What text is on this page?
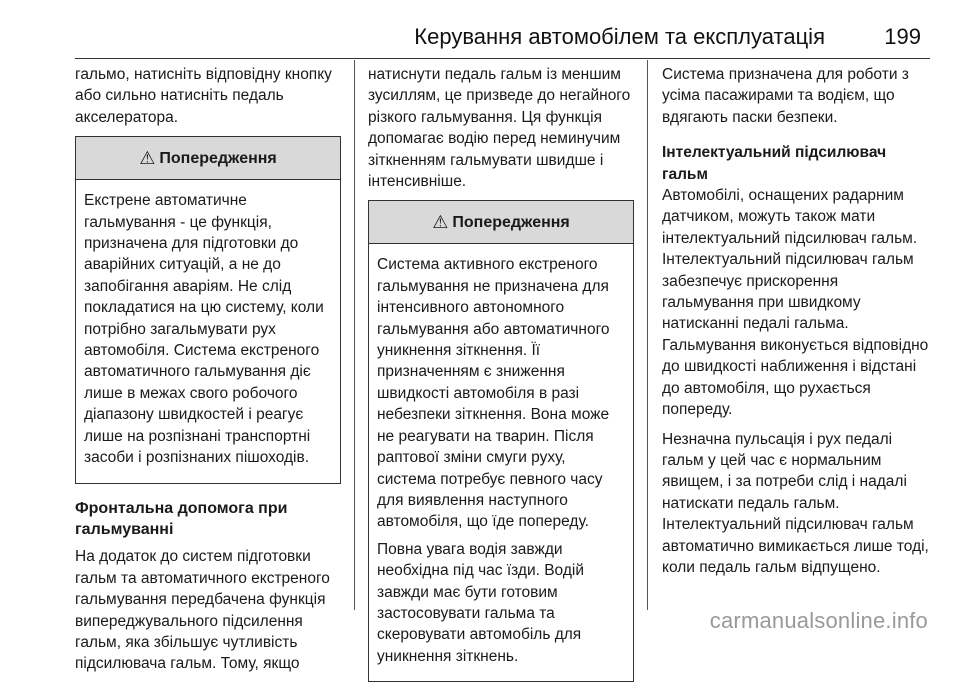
Керування автомобілем та експлуатація	199

гальмо, натисніть відповідну кнопку або сильно натисніть педаль акселератора.

⚠ Попередження

Екстрене автоматичне гальмування - це функція, призначена для підготовки до аварійних ситуацій, а не до запобігання аваріям. Не слід покладатися на цю систему, коли потрібно загальмувати рух автомобіля. Система екстреного автоматичного гальмування діє лише в межах свого робочого діапазону швидкостей і реагує лише на розпізнані транспортні засоби і розпізнаних пішоходів.

Фронтальна допомога при гальмуванні

На додаток до систем підготовки гальм та автоматичного екстреного гальмування передбачена функція випереджувального підсилення гальм, яка збільшує чутливість підсилювача гальм. Тому, якщо

натиснути педаль гальм із меншим зусиллям, це призведе до негайного різкого гальмування. Ця функція допомагає водію перед неминучим зіткненням гальмувати швидше і інтенсивніше.

⚠ Попередження

Система активного екстреного гальмування не призначена для інтенсивного автономного гальмування або автоматичного уникнення зіткнення. Її призначенням є зниження швидкості автомобіля в разі небезпеки зіткнення. Вона може не реагувати на тварин. Після раптової зміни смуги руху, система потребує певного часу для виявлення наступного автомобіля, що їде попереду.

Повна увага водія завжди необхідна під час їзди. Водій завжди має бути готовим застосовувати гальма та скеровувати автомобіль для уникнення зіткнень.

Система призначена для роботи з усіма пасажирами та водієм, що вдягають паски безпеки.

Інтелектуальний підсилювач гальм

Автомобілі, оснащених радарним датчиком, можуть також мати інтелектуальний підсилювач гальм. Інтелектуальний підсилювач гальм забезпечує прискорення гальмування при швидкому натисканні педалі гальма. Гальмування виконується відповідно до швидкості наближення і відстані до автомобіля, що рухається попереду.

Незначна пульсація і рух педалі гальм у цей час є нормальним явищем, і за потреби слід і надалі натискати педаль гальм. Інтелектуальний підсилювач гальм автоматично вимикається лише тоді, коли педаль гальм відпущено.

carmanualsonline.info
